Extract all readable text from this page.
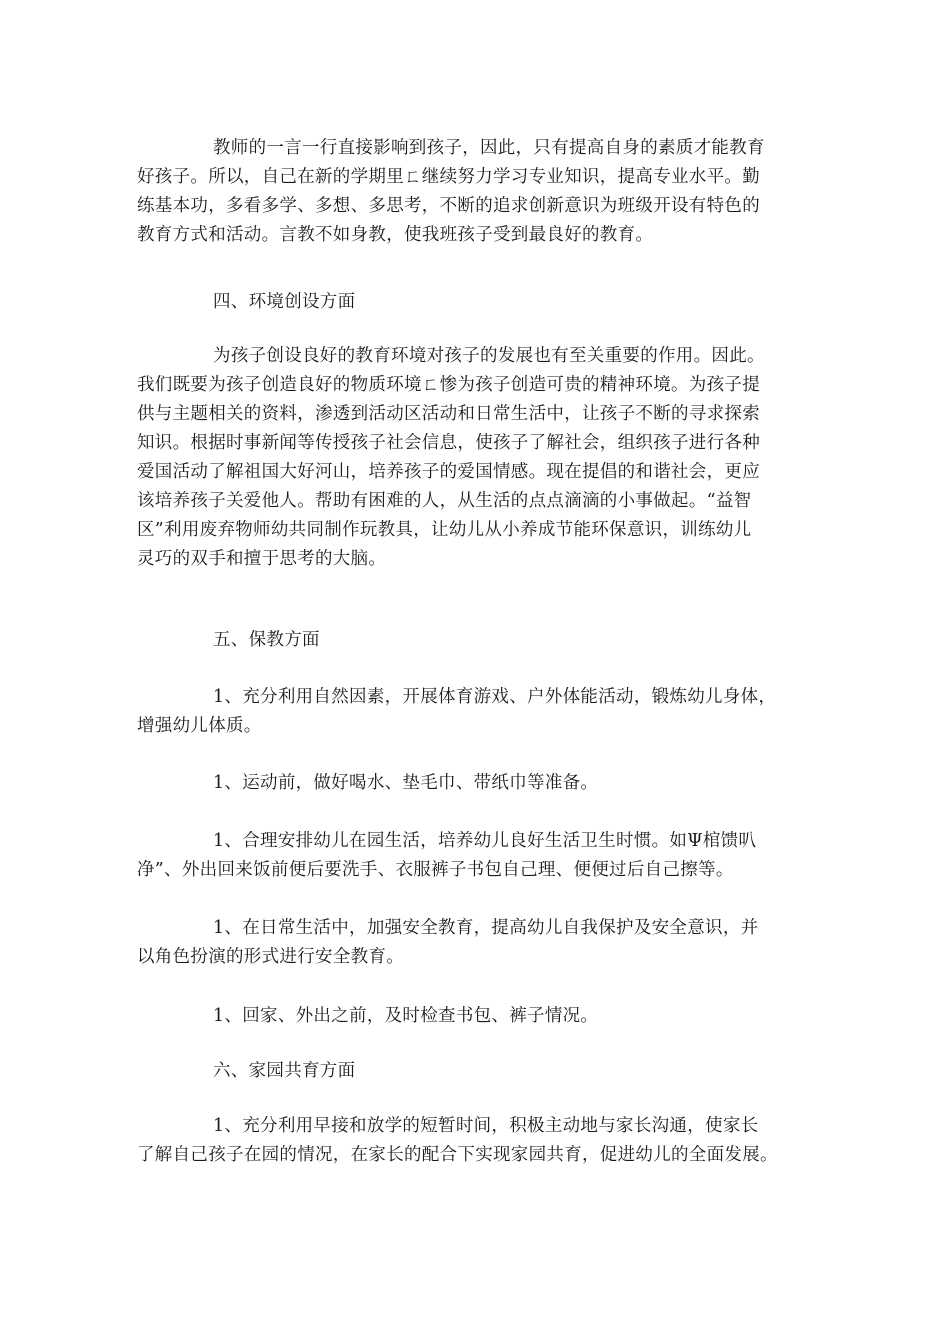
教师的一言一行直接影响到孩子，因此，只有提高自身的素质才能教育
好孩子。所以，自己在新的学期里ㄈ继续努力学习专业知识，提高专业水平。勤
练基本功，多看多学、多想、多思考，不断的追求创新意识为班级开设有特色的
教育方式和活动。言教不如身教，使我班孩子受到最良好的教育。
四、环境创设方面
为孩子创设良好的教育环境对孩子的发展也有至关重要的作用。因此。
我们既要为孩子创造良好的物质环境ㄈ惨为孩子创造可贵的精神环境。为孩子提
供与主题相关的资料，渗透到活动区活动和日常生活中，让孩子不断的寻求探索
知识。根据时事新闻等传授孩子社会信息，使孩子了解社会，组织孩子进行各种
爱国活动了解祖国大好河山，培养孩子的爱国情感。现在提倡的和谐社会，更应
该培养孩子关爱他人。帮助有困难的人，从生活的点点滴滴的小事做起。“益智
区”利用废弃物师幼共同制作玩教具，让幼儿从小养成节能环保意识，训练幼儿
灵巧的双手和擅于思考的大脑。
五、保教方面
1、充分利用自然因素，开展体育游戏、户外体能活动，锻炼幼儿身体，
增强幼儿体质。
1、运动前，做好喝水、垫毛巾、带纸巾等准备。
1、合理安排幼儿在园生活，培养幼儿良好生活卫生时惯。如Ψ棺馈叭
净”、外出回来饭前便后要洗手、衣服裤子书包自己理、便便过后自己擦等。
1、在日常生活中，加强安全教育，提高幼儿自我保护及安全意识，并
以角色扮演的形式进行安全教育。
1、回家、外出之前，及时检查书包、裤子情况。
六、家园共育方面
1、充分利用早接和放学的短暂时间，积极主动地与家长沟通，使家长
了解自己孩子在园的情况，在家长的配合下实现家园共育，促进幼儿的全面发展。
